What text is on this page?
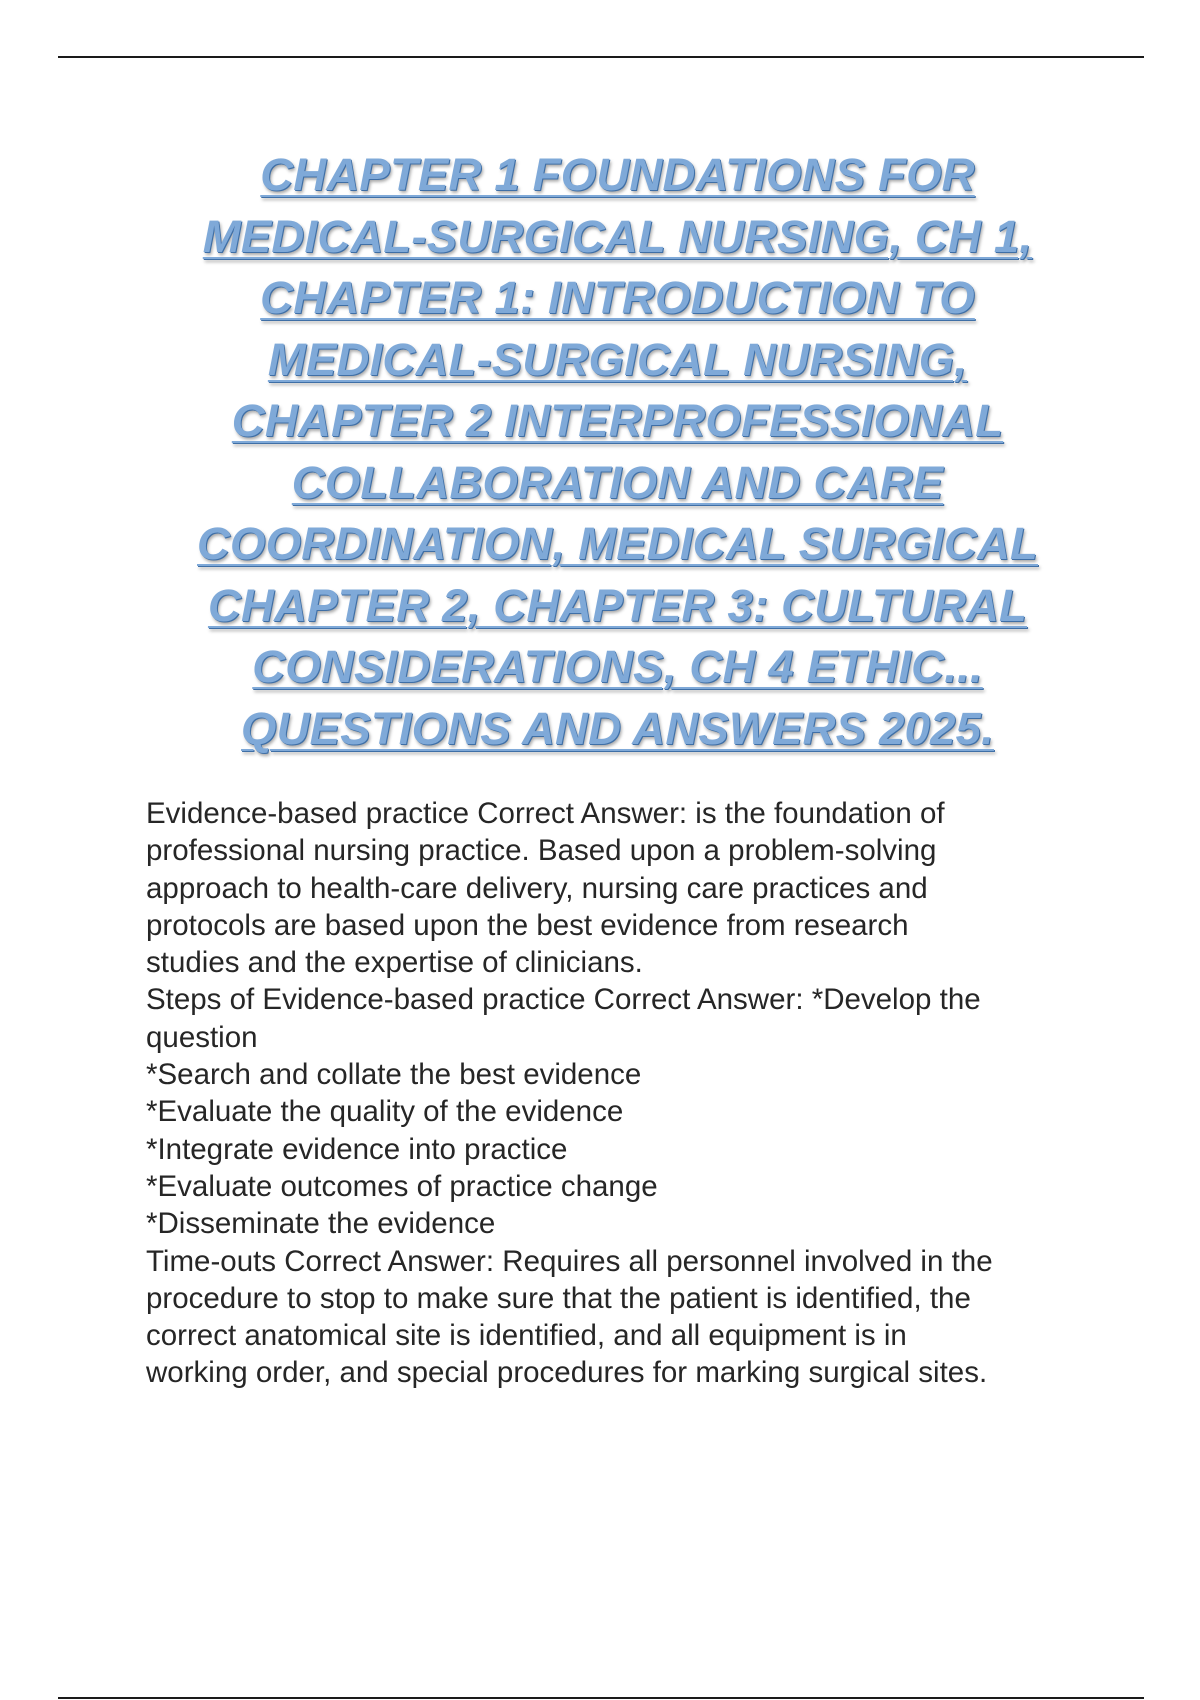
CHAPTER 1 FOUNDATIONS FOR
MEDICAL-SURGICAL NURSING, CH 1,
CHAPTER 1: INTRODUCTION TO
MEDICAL-SURGICAL NURSING,
CHAPTER 2 INTERPROFESSIONAL
COLLABORATION AND CARE
COORDINATION, MEDICAL SURGICAL
CHAPTER 2, CHAPTER 3: CULTURAL
CONSIDERATIONS, CH 4 ETHIC...
QUESTIONS AND ANSWERS 2025.
Evidence-based practice Correct Answer: is the foundation of
professional nursing practice. Based upon a problem-solving
approach to health-care delivery, nursing care practices and
protocols are based upon the best evidence from research
studies and the expertise of clinicians.
Steps of Evidence-based practice Correct Answer: *Develop the
question
*Search and collate the best evidence
*Evaluate the quality of the evidence
*Integrate evidence into practice
*Evaluate outcomes of practice change
*Disseminate the evidence
Time-outs Correct Answer: Requires all personnel involved in the
procedure to stop to make sure that the patient is identified, the
correct anatomical site is identified, and all equipment is in
working order, and special procedures for marking surgical sites.
